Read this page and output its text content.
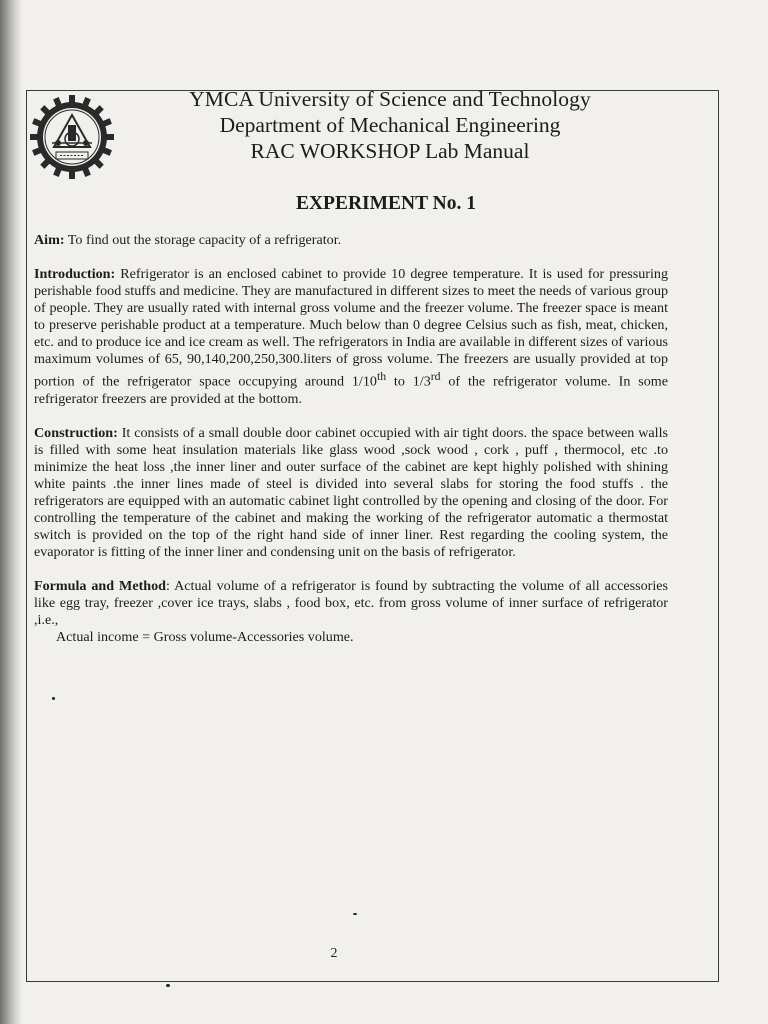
YMCA University of Science and Technology
Department of Mechanical Engineering
RAC WORKSHOP Lab Manual
EXPERIMENT No. 1

Aim: To find out the storage capacity of a refrigerator.

Introduction: Refrigerator is an enclosed cabinet to provide 10 degree temperature. It is used for pressuring perishable food stuffs and medicine. They are manufactured in different sizes to meet the needs of various group of people. They are usually rated with internal gross volume and the freezer volume. The freezer space is meant to preserve perishable product at a temperature. Much below than 0 degree Celsius such as fish, meat, chicken, etc. and to produce ice and ice cream as well. The refrigerators in India are available in different sizes of various maximum volumes of 65, 90,140,200,250,300.liters of gross volume. The freezers are usually provided at top portion of the refrigerator space occupying around 1/10th to 1/3rd of the refrigerator volume. In some refrigerator freezers are provided at the bottom.

Construction: It consists of a small double door cabinet occupied with air tight doors. the space between walls is filled with some heat insulation materials like glass wood ,sock wood , cork , puff , thermocol, etc .to minimize the heat loss ,the inner liner and outer surface of the cabinet are kept highly polished with shining white paints .the inner lines made of steel is divided into several slabs for storing the food stuffs . the refrigerators are equipped with an automatic cabinet light controlled by the opening and closing of the door. For controlling the temperature of the cabinet and making the working of the refrigerator automatic a thermostat switch is provided on the top of the right hand side of inner liner. Rest regarding the cooling system, the evaporator is fitting of the inner liner and condensing unit on the basis of refrigerator.

Formula and Method: Actual volume of a refrigerator is found by subtracting the volume of all accessories like egg tray, freezer ,cover ice trays, slabs , food box, etc. from gross volume of inner surface of refrigerator ,i.e.,

Actual income = Gross volume-Accessories volume.
2
